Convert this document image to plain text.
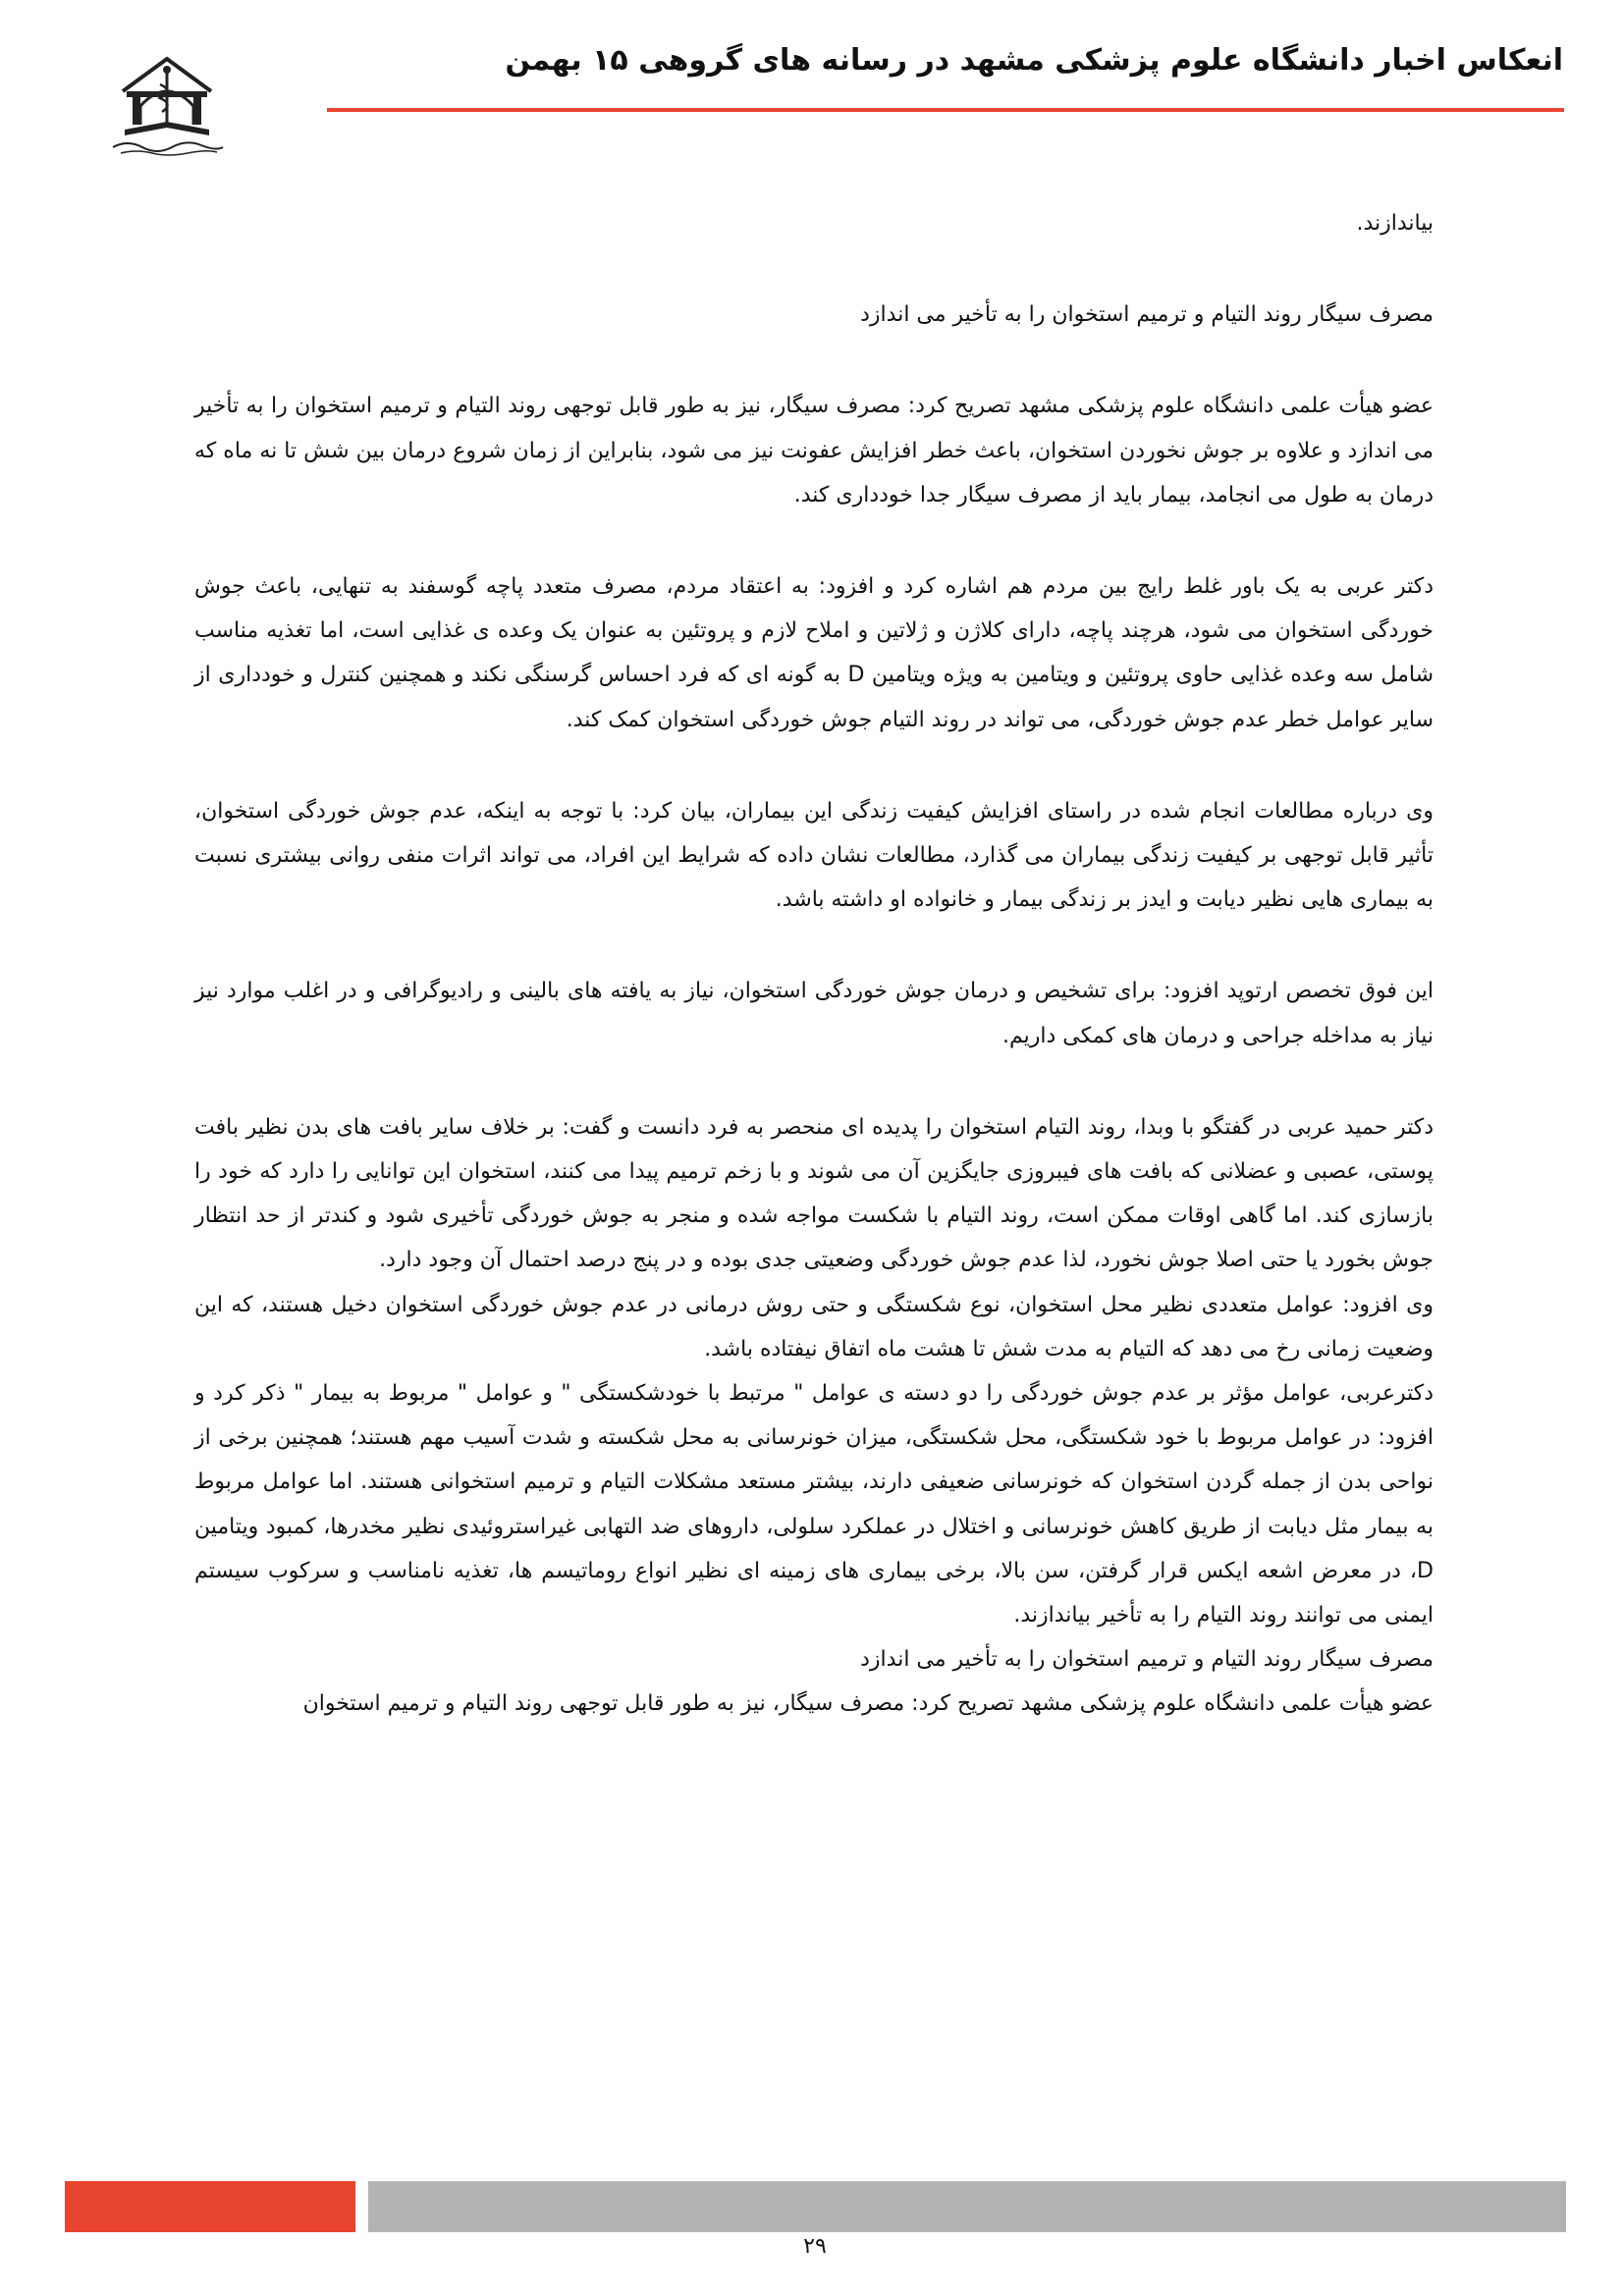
انعکاس اخبار دانشگاه علوم پزشکی مشهد در رسانه های گروهی ۱۵ بهمن

بیاندازند.

مصرف سیگار روند التیام و ترمیم استخوان را به تأخیر می اندازد

عضو هیأت علمی دانشگاه علوم پزشکی مشهد تصریح کرد: مصرف سیگار، نیز به طور قابل توجهی روند التیام و ترمیم استخوان را به تأخیر می اندازد و علاوه بر جوش نخوردن استخوان، باعث خطر افزایش عفونت نیز می شود، بنابراین از زمان شروع درمان بین شش تا نه ماه که درمان به طول می انجامد، بیمار باید از مصرف سیگار جدا خودداری کند.

دکتر عربی به یک باور غلط رایج بین مردم هم اشاره کرد و افزود: به اعتقاد مردم، مصرف متعدد پاچه گوسفند به تنهایی، باعث جوش خوردگی استخوان می شود، هرچند پاچه، دارای کلاژن و ژلاتین و املاح لازم و پروتئین به عنوان یک وعده ی غذایی است، اما تغذیه مناسب شامل سه وعده غذایی حاوی پروتئین و ویتامین به ویژه ویتامین D به گونه ای که فرد احساس گرسنگی نکند و همچنین کنترل و خودداری از سایر عوامل خطر عدم جوش خوردگی، می تواند در روند التیام جوش خوردگی استخوان کمک کند.

وی درباره مطالعات انجام شده در راستای افزایش کیفیت زندگی این بیماران، بیان کرد: با توجه به اینکه، عدم جوش خوردگی استخوان، تأثیر قابل توجهی بر کیفیت زندگی بیماران می گذارد، مطالعات نشان داده که شرایط این افراد، می تواند اثرات منفی روانی بیشتری نسبت به بیماری هایی نظیر دیابت و ایدز بر زندگی بیمار و خانواده او داشته باشد.

این فوق تخصص ارتوپد افزود: برای تشخیص و درمان جوش خوردگی استخوان، نیاز به یافته های بالینی و رادیوگرافی و در اغلب موارد نیز نیاز به مداخله جراحی و درمان های کمکی داریم.

دکتر حمید عربی در گفتگو با وبدا، روند التیام استخوان را پدیده ای منحصر به فرد دانست و گفت: بر خلاف سایر بافت های بدن نظیر بافت پوستی، عصبی و عضلانی که بافت های فیبروزی جایگزین آن می شوند و با زخم ترمیم پیدا می کنند، استخوان این توانایی را دارد که خود را بازسازی کند. اما گاهی اوقات ممکن است، روند التیام با شکست مواجه شده و منجر به جوش خوردگی تأخیری شود و کندتر از حد انتظار جوش بخورد یا حتی اصلا جوش نخورد، لذا عدم جوش خوردگی وضعیتی جدی بوده و در پنج درصد احتمال آن وجود دارد.

وی افزود: عوامل متعددی نظیر محل استخوان، نوع شکستگی و حتی روش درمانی در عدم جوش خوردگی استخوان دخیل هستند، که این وضعیت زمانی رخ می دهد که التیام به مدت شش تا هشت ماه اتفاق نیفتاده باشد.

دکترعربی، عوامل مؤثر بر عدم جوش خوردگی را دو دسته ی عوامل " مرتبط با خودشکستگی " و عوامل " مربوط به بیمار " ذکر کرد و افزود: در عوامل مربوط با خود شکستگی، محل شکستگی، میزان خونرسانی به محل شکسته و شدت آسیب مهم هستند؛ همچنین برخی از نواحی بدن از جمله گردن استخوان که خونرسانی ضعیفی دارند، بیشتر مستعد مشکلات التیام و ترمیم استخوانی هستند. اما عوامل مربوط به بیمار مثل دیابت از طریق کاهش خونرسانی و اختلال در عملکرد سلولی، داروهای ضد التهابی غیراستروئیدی نظیر مخدرها، کمبود ویتامین D، در معرض اشعه ایکس قرار گرفتن، سن بالا، برخی بیماری های زمینه ای نظیر انواع روماتیسم ها، تغذیه نامناسب و سرکوب سیستم ایمنی می توانند روند التیام را به تأخیر بیاندازند.

مصرف سیگار روند التیام و ترمیم استخوان را به تأخیر می اندازد

عضو هیأت علمی دانشگاه علوم پزشکی مشهد تصریح کرد: مصرف سیگار، نیز به طور قابل توجهی روند التیام و ترمیم استخوان

۲۹
